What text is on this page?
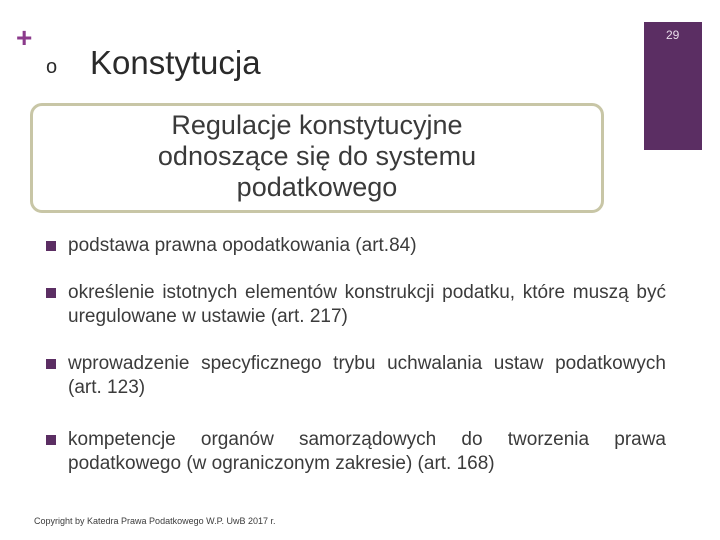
+	29
o Konstytucja
Regulacje konstytucyjne
odnoszące się do systemu
podatkowego
podstawa prawna opodatkowania (art.84)
określenie istotnych elementów konstrukcji podatku, które muszą być uregulowane w ustawie (art. 217)
wprowadzenie specyficznego trybu uchwalania ustaw podatkowych (art. 123)
kompetencje organów samorządowych do tworzenia prawa podatkowego (w ograniczonym zakresie) (art. 168)
Copyright by Katedra Prawa Podatkowego W.P. UwB 2017 r.
